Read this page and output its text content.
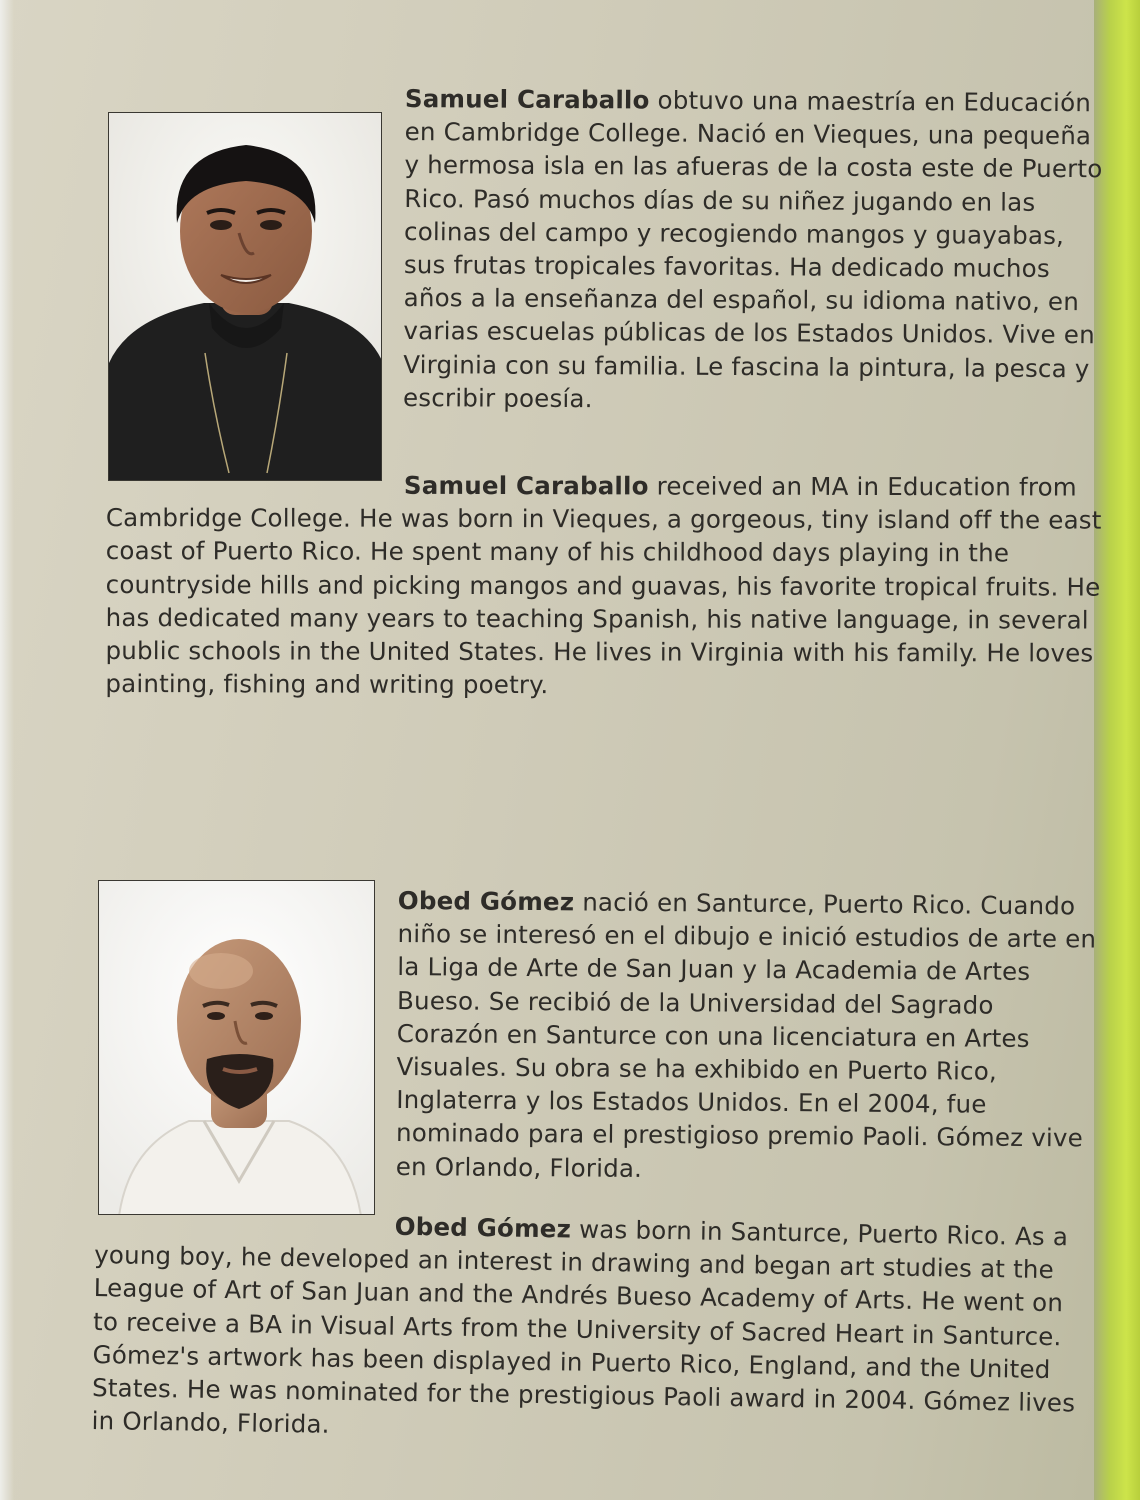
Samuel Caraballo obtuvo una maestría en Educación en Cambridge College. Nació en Vieques, una pequeña y hermosa isla en las afueras de la costa este de Puerto Rico. Pasó muchos días de su niñez jugando en las colinas del campo y recogiendo mangos y guayabas, sus frutas tropicales favoritas. Ha dedicado muchos años a la enseñanza del español, su idioma nativo, en varias escuelas públicas de los Estados Unidos. Vive en Virginia con su familia. Le fascina la pintura, la pesca y escribir poesía.

Samuel Caraballo received an MA in Education from Cambridge College. He was born in Vieques, a gorgeous, tiny island off the east coast of Puerto Rico. He spent many of his childhood days playing in the countryside hills and picking mangos and guavas, his favorite tropical fruits. He has dedicated many years to teaching Spanish, his native language, in several public schools in the United States. He lives in Virginia with his family. He loves painting, fishing and writing poetry.

Obed Gómez nació en Santurce, Puerto Rico. Cuando niño se interesó en el dibujo e inició estudios de arte en la Liga de Arte de San Juan y la Academia de Artes Bueso. Se recibió de la Universidad del Sagrado Corazón en Santurce con una licenciatura en Artes Visuales. Su obra se ha exhibido en Puerto Rico, Inglaterra y los Estados Unidos. En el 2004, fue nominado para el prestigioso premio Paoli. Gómez vive en Orlando, Florida.

Obed Gómez was born in Santurce, Puerto Rico. As a young boy, he developed an interest in drawing and began art studies at the League of Art of San Juan and the Andrés Bueso Academy of Arts. He went on to receive a BA in Visual Arts from the University of Sacred Heart in Santurce. Gómez's artwork has been displayed in Puerto Rico, England, and the United States. He was nominated for the prestigious Paoli award in 2004. Gómez lives in Orlando, Florida.
